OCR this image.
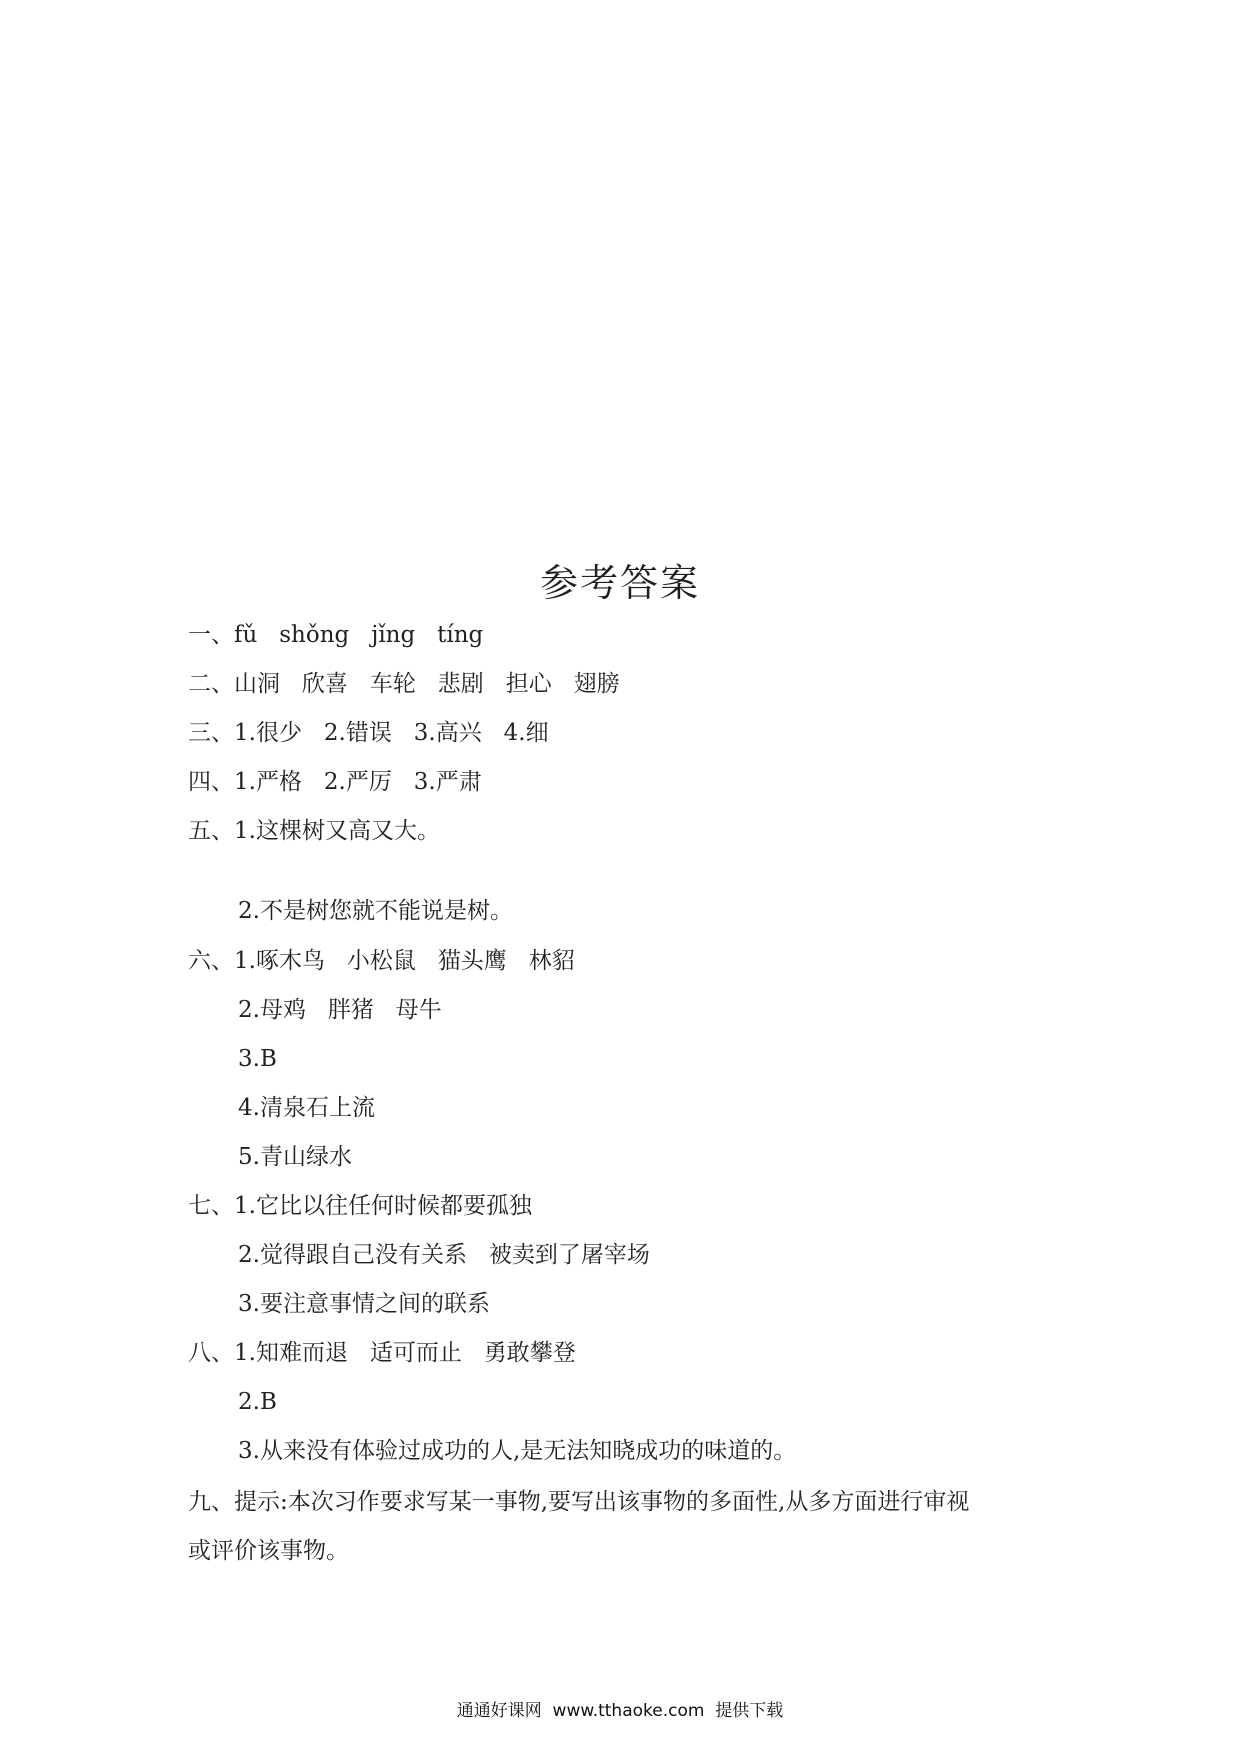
参考答案
一、fǔ   shǒng   jǐng   tíng
二、山洞   欣喜   车轮   悲剧   担心   翅膀
三、1.很少   2.错误   3.高兴   4.细
四、1.严格   2.严厉   3.严肃
五、1.这棵树又高又大。
2.不是树您就不能说是树。
六、1.啄木鸟   小松鼠   猫头鹰   林貂
2.母鸡   胖猪   母牛
3.B
4.清泉石上流
5.青山绿水
七、1.它比以往任何时候都要孤独
2.觉得跟自己没有关系   被卖到了屠宰场
3.要注意事情之间的联系
八、1.知难而退   适可而止   勇敢攀登
2.B
3.从来没有体验过成功的人,是无法知晓成功的味道的。
九、提示:本次习作要求写某一事物,要写出该事物的多面性,从多方面进行审视
或评价该事物。
通通好课网  www.tthaoke.com  提供下载
